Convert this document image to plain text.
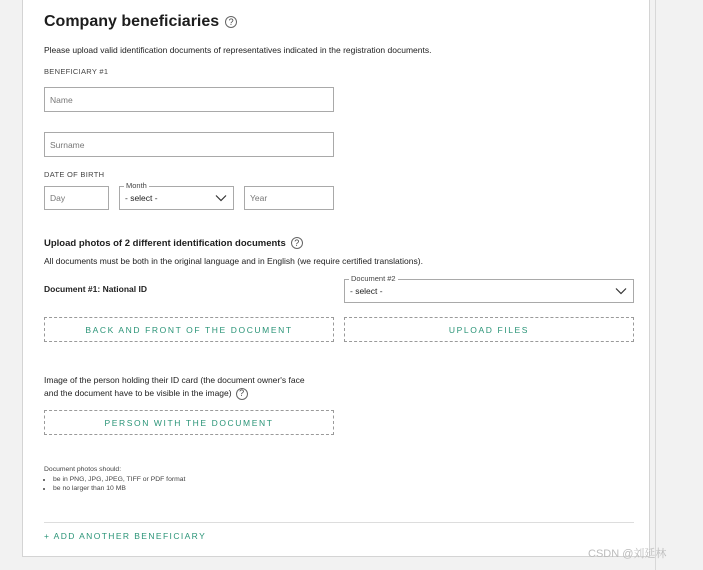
Company beneficiaries	?
Please upload valid identification documents of representatives indicated in the registration documents.
BENEFICIARY #1
Name
Surname
DATE OF BIRTH
Day
Month
- select -
Year
Upload photos of 2 different identification documents ?
All documents must be both in the original language and in English (we require certified translations).
Document #1: National ID
Document #2
- select -
BACK AND FRONT OF THE DOCUMENT	UPLOAD FILES
Image of the person holding their ID card (the document owner's face
and the document have to be visible in the image) ?
PERSON WITH THE DOCUMENT
Document photos should:
• be in PNG, JPG, JPEG, TIFF or PDF format
• be no larger than 10 MB
+ ADD ANOTHER BENEFICIARY
CSDN @刘延林
